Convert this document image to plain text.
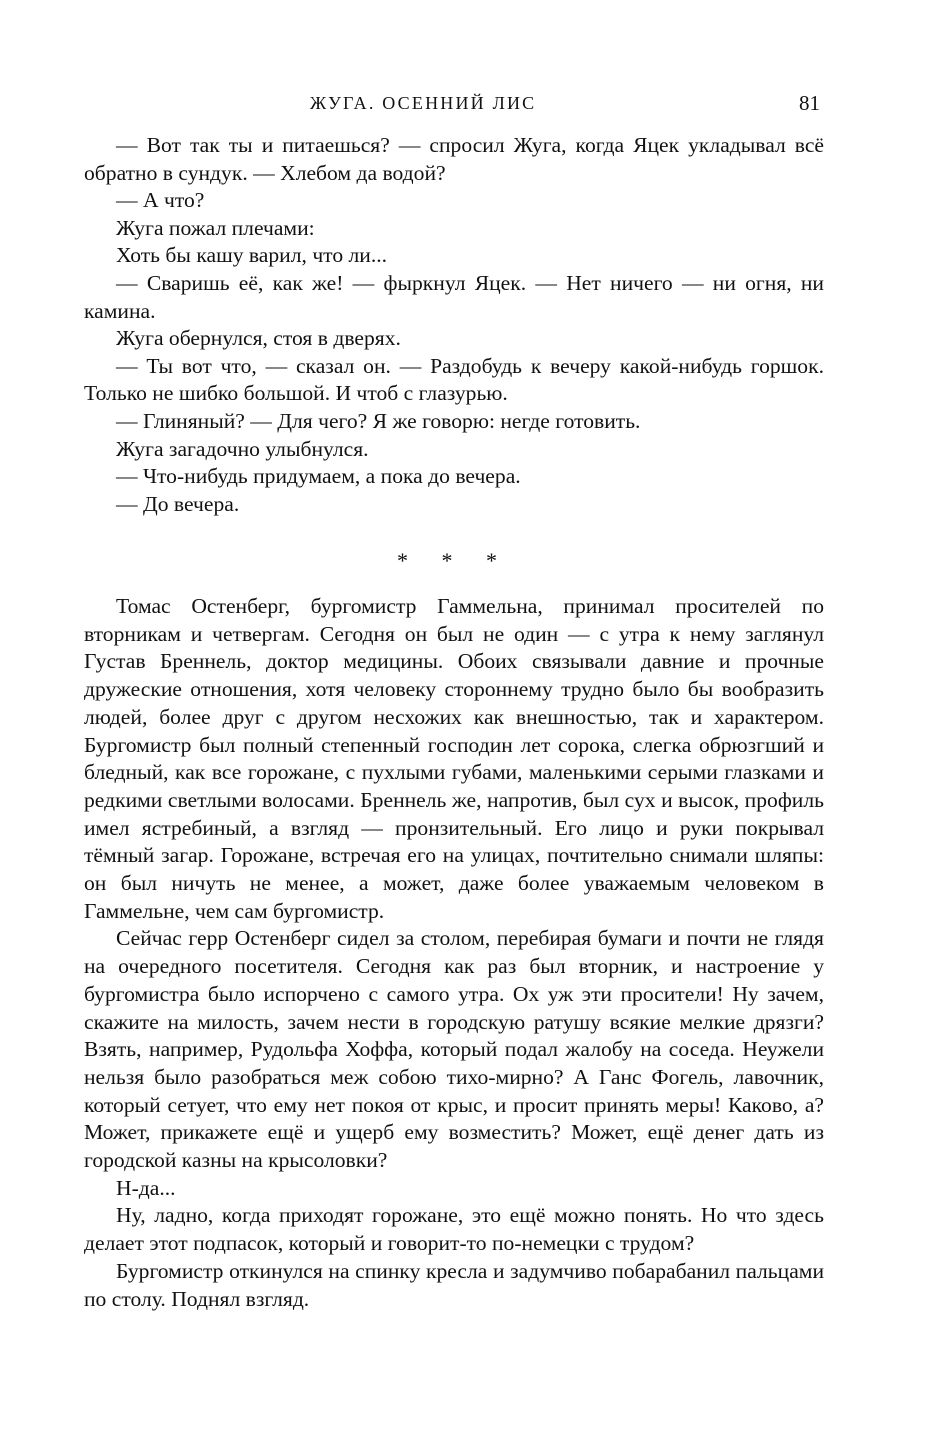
ЖУГА. ОСЕННИЙ ЛИС	81

— Вот так ты и питаешься? — спросил Жуга, когда Яцек укладывал всё обратно в сундук. — Хлебом да водой?

— А что?

Жуга пожал плечами:

Хоть бы кашу варил, что ли...

— Сваришь её, как же! — фыркнул Яцек. — Нет ничего — ни огня, ни камина.

Жуга обернулся, стоя в дверях.

— Ты вот что, — сказал он. — Раздобудь к вечеру какой-нибудь горшок. Только не шибко большой. И чтоб с глазурью.

— Глиняный? — Для чего? Я же говорю: негде готовить.

Жуга загадочно улыбнулся.

— Что-нибудь придумаем, а пока до вечера.

— До вечера.

* * *

Томас Остенберг, бургомистр Гаммельна, принимал просителей по вторникам и четвергам. Сегодня он был не один — с утра к нему заглянул Густав Бреннель, доктор медицины. Обоих связывали давние и прочные дружеские отношения, хотя человеку стороннему трудно было бы вообразить людей, более друг с другом несхожих как внешностью, так и характером. Бургомистр был полный степенный господин лет сорока, слегка обрюзгший и бледный, как все горожане, с пухлыми губами, маленькими серыми глазками и редкими светлыми волосами. Бреннель же, напротив, был сух и высок, профиль имел ястребиный, а взгляд — пронзительный. Его лицо и руки покрывал тёмный загар. Горожане, встречая его на улицах, почтительно снимали шляпы: он был ничуть не менее, а может, даже более уважаемым человеком в Гаммельне, чем сам бургомистр.

Сейчас герр Остенберг сидел за столом, перебирая бумаги и почти не глядя на очередного посетителя. Сегодня как раз был вторник, и настроение у бургомистра было испорчено с самого утра. Ох уж эти просители! Ну зачем, скажите на милость, зачем нести в городскую ратушу всякие мелкие дрязги? Взять, например, Рудольфа Хоффа, который подал жалобу на соседа. Неужели нельзя было разобраться меж собою тихо-мирно? А Ганс Фогель, лавочник, который сетует, что ему нет покоя от крыс, и просит принять меры! Каково, а? Может, прикажете ещё и ущерб ему возместить? Может, ещё денег дать из городской казны на крысоловки?

Н-да...

Ну, ладно, когда приходят горожане, это ещё можно понять. Но что здесь делает этот подпасок, который и говорит-то по-немецки с трудом?

Бургомистр откинулся на спинку кресла и задумчиво побарабанил пальцами по столу. Поднял взгляд.
